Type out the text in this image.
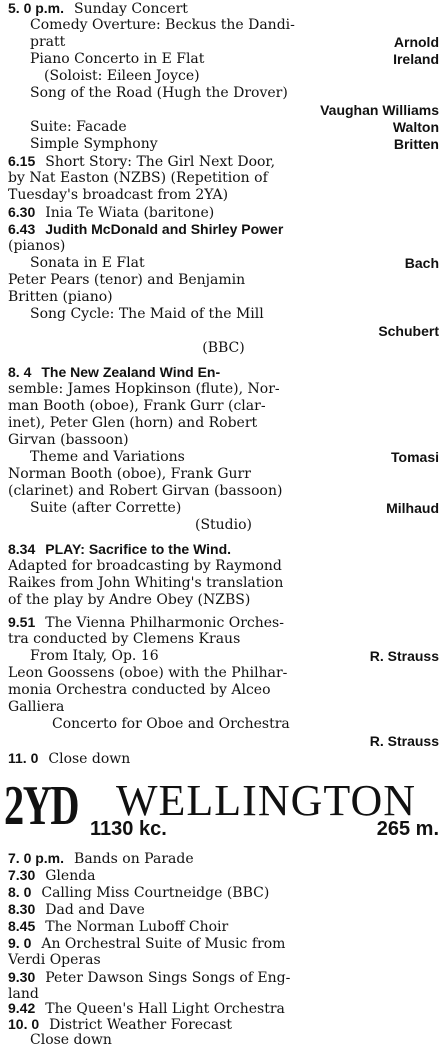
5. 0 p.m. Sunday Concert
Comedy Overture: Beckus the Dandi-
pratt	Arnold
Piano Concerto in E Flat	Ireland
(Soloist: Eileen Joyce)
Song of the Road (Hugh the Drover)
Vaughan Williams
Suite: Facade	Walton
Simple Symphony	Britten
6.15 Short Story: The Girl Next Door,
by Nat Easton (NZBS) (Repetition of
Tuesday's broadcast from 2YA)
6.30 Inia Te Wiata (baritone)
6.43 Judith McDonald and Shirley Power
(pianos)
Sonata in E Flat	Bach
Peter Pears (tenor) and Benjamin
Britten (piano)
Song Cycle: The Maid of the Mill
Schubert
(BBC)
8. 4 The New Zealand Wind En-
semble: James Hopkinson (flute), Nor-
man Booth (oboe), Frank Gurr (clar-
inet), Peter Glen (horn) and Robert
Girvan (bassoon)
Theme and Variations	Tomasi
Norman Booth (oboe), Frank Gurr
(clarinet) and Robert Girvan (bassoon)
Suite (after Corrette)	Milhaud
(Studio)
8.34 PLAY: Sacrifice to the Wind.
Adapted for broadcasting by Raymond
Raikes from John Whiting's translation
of the play by Andre Obey (NZBS)
9.51 The Vienna Philharmonic Orches-
tra conducted by Clemens Kraus
From Italy, Op. 16	R. Strauss
Leon Goossens (oboe) with the Philhar-
monia Orchestra conducted by Alceo
Galliera
Concerto for Oboe and Orchestra
R. Strauss
11. 0 Close down
2YD WELLINGTON
1130 kc.	265 m.
7. 0 p.m. Bands on Parade
7.30 Glenda
8. 0 Calling Miss Courtneidge (BBC)
8.30 Dad and Dave
8.45 The Norman Luboff Choir
9. 0 An Orchestral Suite of Music from
Verdi Operas
9.30 Peter Dawson Sings Songs of Eng-
land
9.42 The Queen's Hall Light Orchestra
10. 0 District Weather Forecast
Close down
